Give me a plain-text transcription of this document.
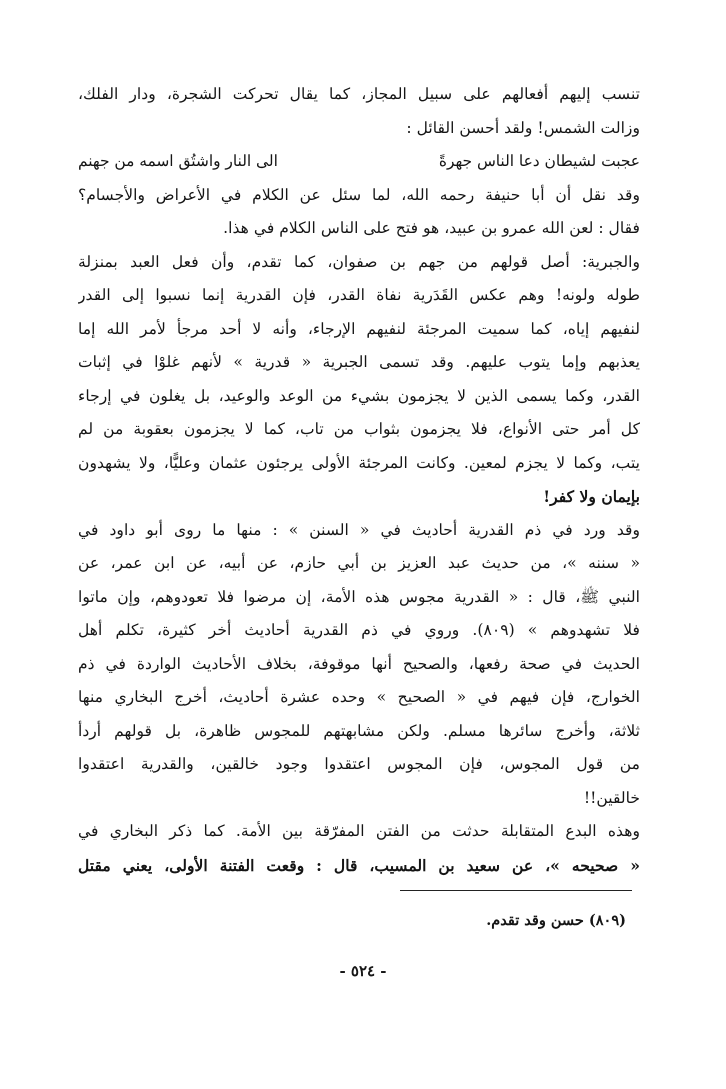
تنسب إليهم أفعالهم على سبيل المجاز، كما يقال تحركت الشجرة، ودار الفلك،
وزالت الشمس! ولقد أحسن القائل :
عجبت لشيطان دعا الناس جهرةً
الى النار واشتُق اسمه من جهنم
وقد نقل أن أبا حنيفة رحمه الله، لما سئل عن الكلام في الأعراض والأجسام؟
فقال : لعن الله عمرو بن عبيد، هو فتح على الناس الكلام في هذا.
والجبرية: أصل قولهم من جهم بن صفوان، كما تقدم، وأن فعل العبد بمنزلة
طوله ولونه! وهم عكس القَدَرية نفاة القدر، فإن القدرية إنما نسبوا إلى القدر
لنفيهم إياه، كما سميت المرجئة لنفيهم الإرجاء، وأنه لا أحد مرجأ لأمر الله إما
يعذبهم وإما يتوب عليهم. وقد تسمى الجبرية « قدرية » لأنهم غلوْا في إثبات
القدر، وكما يسمى الذين لا يجزمون بشيء من الوعد والوعيد، بل يغلون في إرجاء
كل أمر حتى الأنواع، فلا يجزمون بثواب من تاب، كما لا يجزمون بعقوبة من لم
يتب، وكما لا يجزم لمعين. وكانت المرجئة الأولى يرجئون عثمان وعليًّا، ولا يشهدون
بإيمان ولا كفر!
وقد ورد في ذم القدرية أحاديث في « السنن » : منها ما روى أبو داود في
« سننه »، من حديث عبد العزيز بن أبي حازم، عن أبيه، عن ابن عمر، عن
النبي ﷺ، قال : « القدرية مجوس هذه الأمة، إن مرضوا فلا تعودوهم، وإن ماتوا
فلا تشهدوهم » (٨٠٩). وروي في ذم القدرية أحاديث أخر كثيرة، تكلم أهل
الحديث في صحة رفعها، والصحيح أنها موقوفة، بخلاف الأحاديث الواردة في ذم
الخوارج، فإن فيهم في « الصحيح » وحده عشرة أحاديث، أخرج البخاري منها
ثلاثة، وأخرج سائرها مسلم. ولكن مشابهتهم للمجوس ظاهرة، بل قولهم أردأ
من قول المجوس، فإن المجوس اعتقدوا وجود خالقين، والقدرية اعتقدوا
خالقين!!
وهذه البدع المتقابلة حدثت من الفتن المفرّقة بين الأمة. كما ذكر البخاري في
« صحيحه »، عن سعيد بن المسيب، قال : وقعت الفتنة الأولى، يعني مقتل
(٨٠٩) حسن وقد تقدم.
- ٥٢٤ -
